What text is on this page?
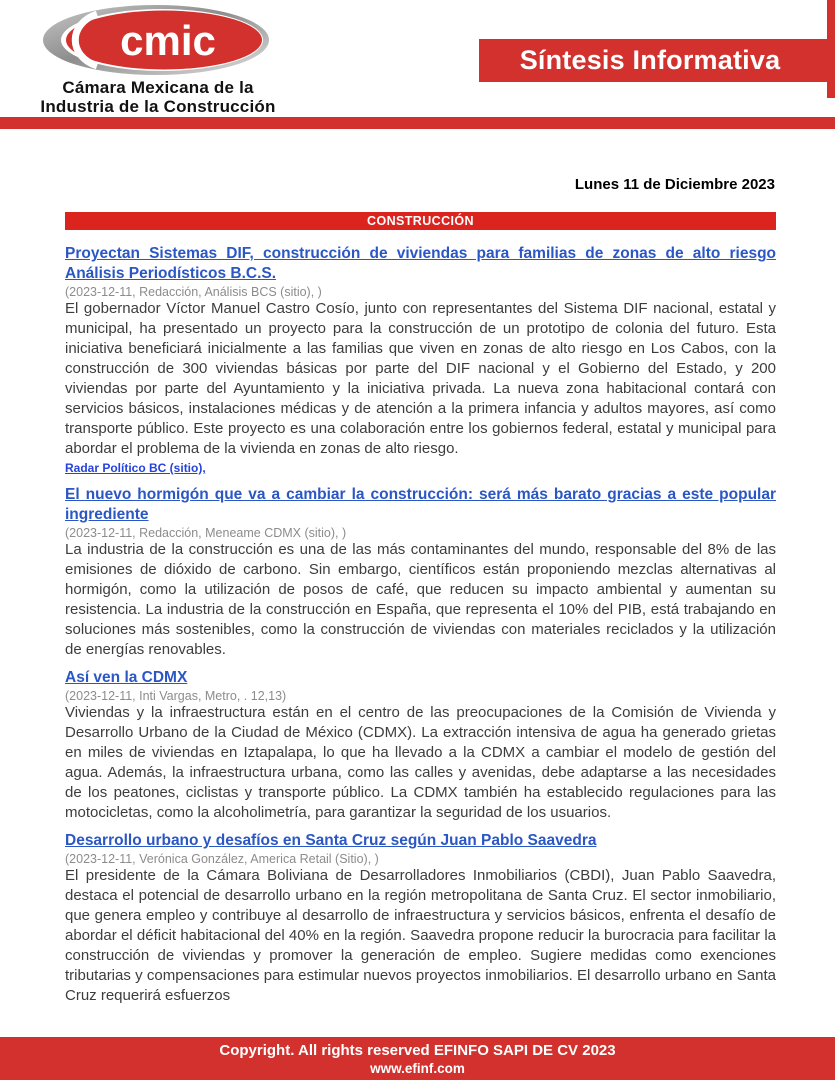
cmic
Cámara Mexicana de la
Industria de la Construcción
Síntesis Informativa
Lunes 11 de Diciembre 2023
CONSTRUCCIÓN
Proyectan Sistemas DIF, construcción de viviendas para familias de zonas de alto riesgo Análisis Periodísticos B.C.S.
(2023-12-11, Redacción, Análisis BCS (sitio), )

El gobernador Víctor Manuel Castro Cosío, junto con representantes del Sistema DIF nacional, estatal y municipal, ha presentado un proyecto para la construcción de un prototipo de colonia del futuro. Esta iniciativa beneficiará inicialmente a las familias que viven en zonas de alto riesgo en Los Cabos, con la construcción de 300 viviendas básicas por parte del DIF nacional y el Gobierno del Estado, y 200 viviendas por parte del Ayuntamiento y la iniciativa privada. La nueva zona habitacional contará con servicios básicos, instalaciones médicas y de atención a la primera infancia y adultos mayores, así como transporte público. Este proyecto es una colaboración entre los gobiernos federal, estatal y municipal para abordar el problema de la vivienda en zonas de alto riesgo.

Radar Político BC (sitio),
El nuevo hormigón que va a cambiar la construcción: será más barato gracias a este popular ingrediente
(2023-12-11, Redacción, Meneame CDMX (sitio), )

La industria de la construcción es una de las más contaminantes del mundo, responsable del 8% de las emisiones de dióxido de carbono. Sin embargo, científicos están proponiendo mezclas alternativas al hormigón, como la utilización de posos de café, que reducen su impacto ambiental y aumentan su resistencia. La industria de la construcción en España, que representa el 10% del PIB, está trabajando en soluciones más sostenibles, como la construcción de viviendas con materiales reciclados y la utilización de energías renovables.

Así ven la CDMX
(2023-12-11, Inti Vargas, Metro, . 12,13)

Viviendas y la infraestructura están en el centro de las preocupaciones de la Comisión de Vivienda y Desarrollo Urbano de la Ciudad de México (CDMX). La extracción intensiva de agua ha generado grietas en miles de viviendas en Iztapalapa, lo que ha llevado a la CDMX a cambiar el modelo de gestión del agua. Además, la infraestructura urbana, como las calles y avenidas, debe adaptarse a las necesidades de los peatones, ciclistas y transporte público. La CDMX también ha establecido regulaciones para las motocicletas, como la alcoholimetría, para garantizar la seguridad de los usuarios.

Desarrollo urbano y desafíos en Santa Cruz según Juan Pablo Saavedra
(2023-12-11, Verónica González, America Retail (Sitio), )

El presidente de la Cámara Boliviana de Desarrolladores Inmobiliarios (CBDI), Juan Pablo Saavedra, destaca el potencial de desarrollo urbano en la región metropolitana de Santa Cruz. El sector inmobiliario, que genera empleo y contribuye al desarrollo de infraestructura y servicios básicos, enfrenta el desafío de abordar el déficit habitacional del 40% en la región. Saavedra propone reducir la burocracia para facilitar la construcción de viviendas y promover la generación de empleo. Sugiere medidas como exenciones tributarias y compensaciones para estimular nuevos proyectos inmobiliarios. El desarrollo urbano en Santa Cruz requerirá esfuerzos

Copyright. All rights reserved EFINFO SAPI DE CV 2023
www.efinf.com
